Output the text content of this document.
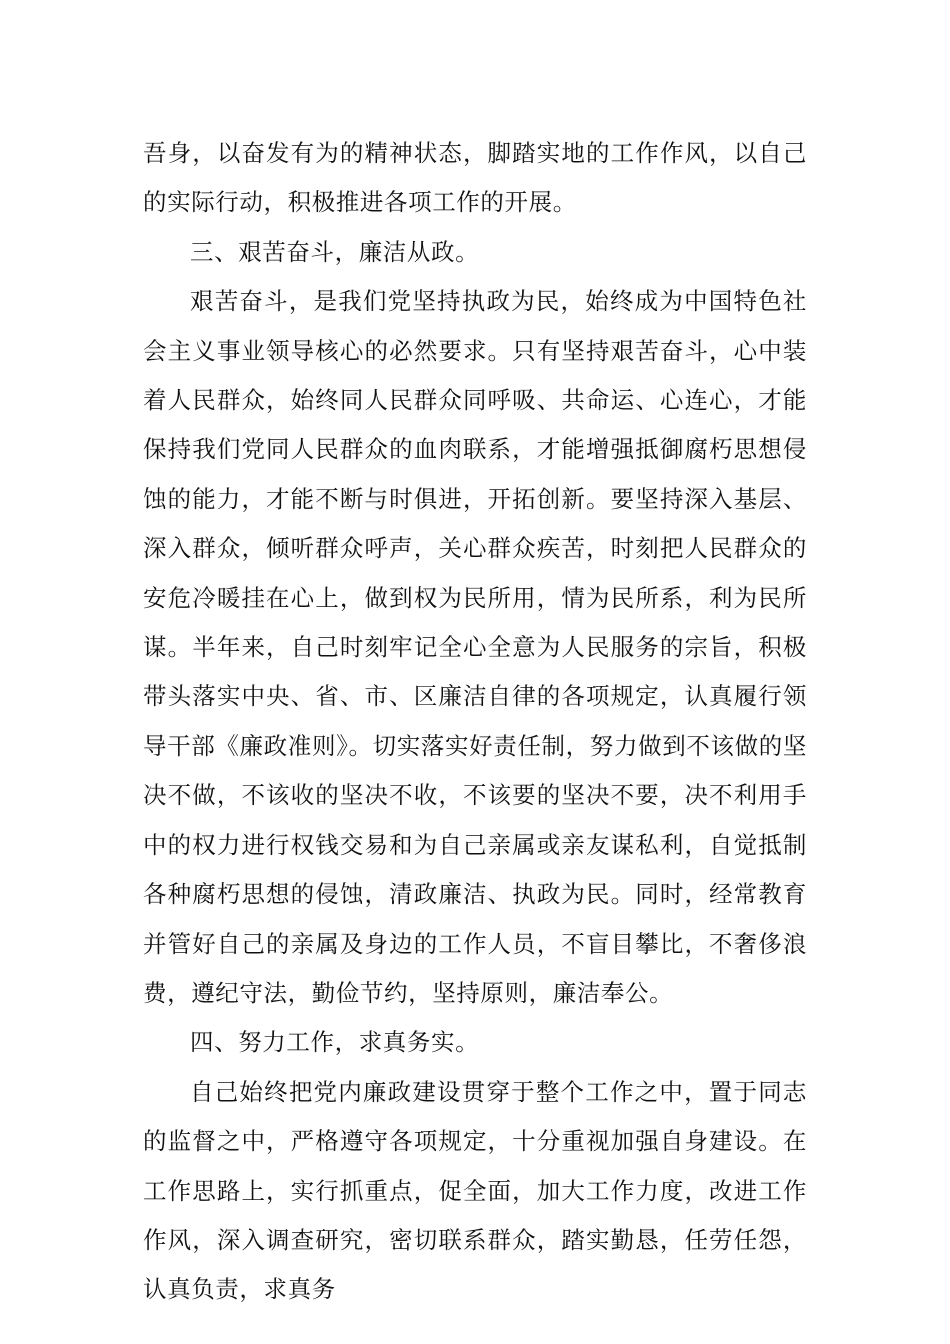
吾身，以奋发有为的精神状态，脚踏实地的工作作风，以自己的实际行动，积极推进各项工作的开展。

三、艰苦奋斗，廉洁从政。

艰苦奋斗，是我们党坚持执政为民，始终成为中国特色社会主义事业领导核心的必然要求。只有坚持艰苦奋斗，心中装着人民群众，始终同人民群众同呼吸、共命运、心连心，才能保持我们党同人民群众的血肉联系，才能增强抵御腐朽思想侵蚀的能力，才能不断与时俱进，开拓创新。要坚持深入基层、深入群众，倾听群众呼声，关心群众疾苦，时刻把人民群众的安危冷暖挂在心上，做到权为民所用，情为民所系，利为民所谋。半年来，自己时刻牢记全心全意为人民服务的宗旨，积极带头落实中央、省、市、区廉洁自律的各项规定，认真履行领导干部《廉政准则》。切实落实好责任制，努力做到不该做的坚决不做，不该收的坚决不收，不该要的坚决不要，决不利用手中的权力进行权钱交易和为自己亲属或亲友谋私利，自觉抵制各种腐朽思想的侵蚀，清政廉洁、执政为民。同时，经常教育并管好自己的亲属及身边的工作人员，不盲目攀比，不奢侈浪费，遵纪守法，勤俭节约，坚持原则，廉洁奉公。

四、努力工作，求真务实。

自己始终把党内廉政建设贯穿于整个工作之中，置于同志的监督之中，严格遵守各项规定，十分重视加强自身建设。在工作思路上，实行抓重点，促全面，加大工作力度，改进工作作风，深入调查研究，密切联系群众，踏实勤恳，任劳任怨，认真负责，求真务
